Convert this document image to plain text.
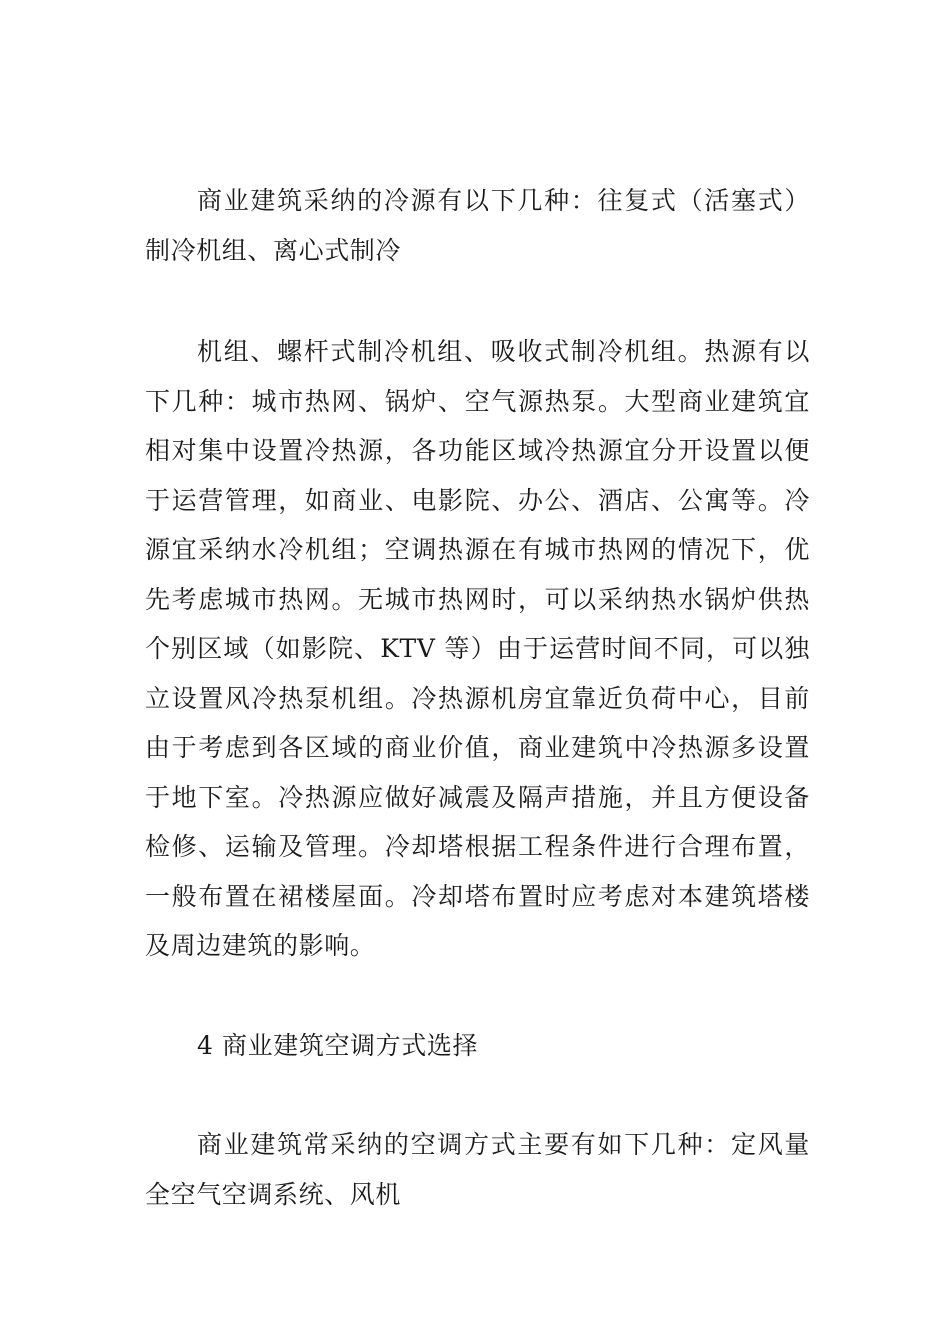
商业建筑采纳的冷源有以下几种：往复式（活塞式）制冷机组、离心式制冷

机组、螺杆式制冷机组、吸收式制冷机组。热源有以下几种：城市热网、锅炉、空气源热泵。大型商业建筑宜相对集中设置冷热源，各功能区域冷热源宜分开设置以便于运营管理，如商业、电影院、办公、酒店、公寓等。冷源宜采纳水冷机组；空调热源在有城市热网的情况下，优先考虑城市热网。无城市热网时，可以采纳热水锅炉供热个别区域（如影院、KTV 等）由于运营时间不同，可以独立设置风冷热泵机组。冷热源机房宜靠近负荷中心，目前由于考虑到各区域的商业价值，商业建筑中冷热源多设置于地下室。冷热源应做好减震及隔声措施，并且方便设备检修、运输及管理。冷却塔根据工程条件进行合理布置，一般布置在裙楼屋面。冷却塔布置时应考虑对本建筑塔楼及周边建筑的影响。

4 商业建筑空调方式选择

商业建筑常采纳的空调方式主要有如下几种：定风量全空气空调系统、风机
